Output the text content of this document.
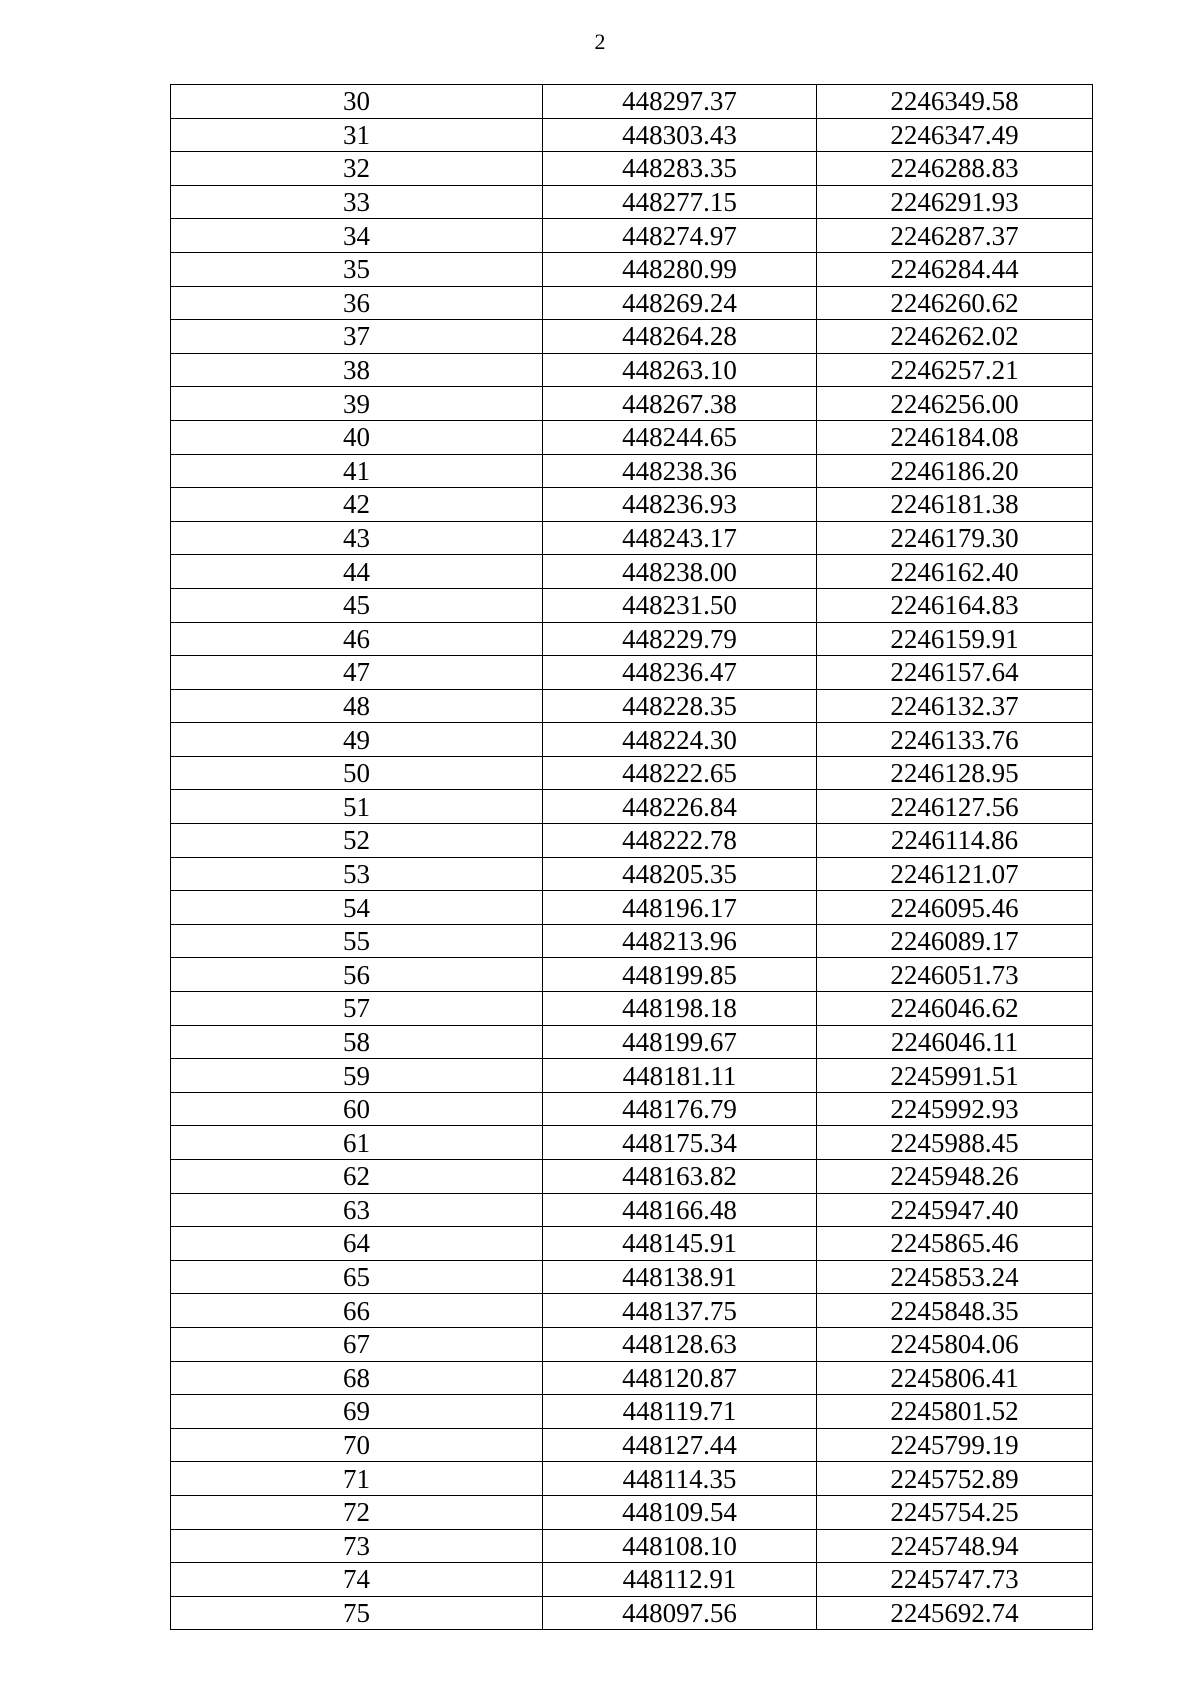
2
30	448297.37	2246349.58
31	448303.43	2246347.49
32	448283.35	2246288.83
33	448277.15	2246291.93
34	448274.97	2246287.37
35	448280.99	2246284.44
36	448269.24	2246260.62
37	448264.28	2246262.02
38	448263.10	2246257.21
39	448267.38	2246256.00
40	448244.65	2246184.08
41	448238.36	2246186.20
42	448236.93	2246181.38
43	448243.17	2246179.30
44	448238.00	2246162.40
45	448231.50	2246164.83
46	448229.79	2246159.91
47	448236.47	2246157.64
48	448228.35	2246132.37
49	448224.30	2246133.76
50	448222.65	2246128.95
51	448226.84	2246127.56
52	448222.78	2246114.86
53	448205.35	2246121.07
54	448196.17	2246095.46
55	448213.96	2246089.17
56	448199.85	2246051.73
57	448198.18	2246046.62
58	448199.67	2246046.11
59	448181.11	2245991.51
60	448176.79	2245992.93
61	448175.34	2245988.45
62	448163.82	2245948.26
63	448166.48	2245947.40
64	448145.91	2245865.46
65	448138.91	2245853.24
66	448137.75	2245848.35
67	448128.63	2245804.06
68	448120.87	2245806.41
69	448119.71	2245801.52
70	448127.44	2245799.19
71	448114.35	2245752.89
72	448109.54	2245754.25
73	448108.10	2245748.94
74	448112.91	2245747.73
75	448097.56	2245692.74
